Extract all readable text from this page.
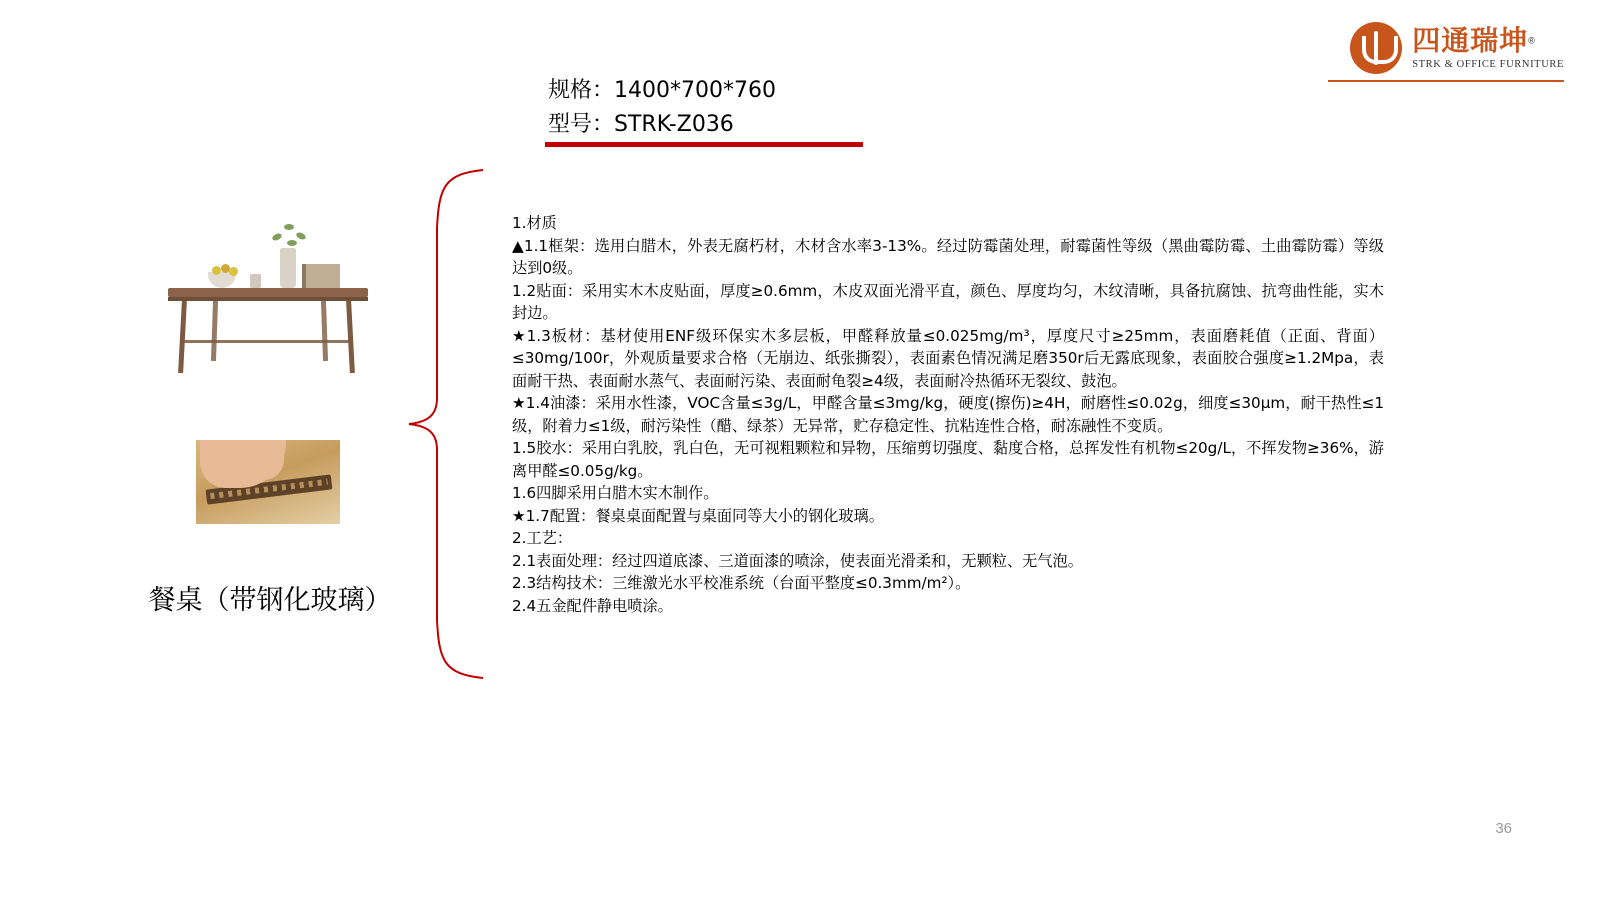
四通瑞坤®
STRK & OFFICE FURNITURE
规格：1400*700*760
型号：STRK-Z036
餐桌（带钢化玻璃）

1.材质

▲1.1框架：选用白腊木，外表无腐朽材，木材含水率3-13%。经过防霉菌处理，耐霉菌性等级（黑曲霉防霉、土曲霉防霉）等级达到0级。

1.2贴面：采用实木木皮贴面，厚度≥0.6mm，木皮双面光滑平直，颜色、厚度均匀，木纹清晰，具备抗腐蚀、抗弯曲性能，实木封边。

★1.3板材：基材使用ENF级环保实木多层板，甲醛释放量≤0.025mg/m³，厚度尺寸≥25mm，表面磨耗值（正面、背面）≤30mg/100r，外观质量要求合格（无崩边、纸张撕裂），表面素色情况满足磨350r后无露底现象，表面胶合强度≥1.2Mpa，表面耐干热、表面耐水蒸气、表面耐污染、表面耐龟裂≥4级，表面耐冷热循环无裂纹、鼓泡。

★1.4油漆：采用水性漆，VOC含量≤3g/L，甲醛含量≤3mg/kg，硬度(擦伤)≥4H，耐磨性≤0.02g，细度≤30μm，耐干热性≤1级，附着力≤1级，耐污染性（醋、绿茶）无异常，贮存稳定性、抗粘连性合格，耐冻融性不变质。

1.5胶水：采用白乳胶，乳白色，无可视粗颗粒和异物，压缩剪切强度、黏度合格，总挥发性有机物≤20g/L，不挥发物≥36%，游离甲醛≤0.05g/kg。

1.6四脚采用白腊木实木制作。

★1.7配置：餐桌桌面配置与桌面同等大小的钢化玻璃。

2.工艺：

2.1表面处理：经过四道底漆、三道面漆的喷涂，使表面光滑柔和，无颗粒、无气泡。

2.3结构技术：三维激光水平校准系统（台面平整度≤0.3mm/m²）。

2.4五金配件静电喷涂。

36
